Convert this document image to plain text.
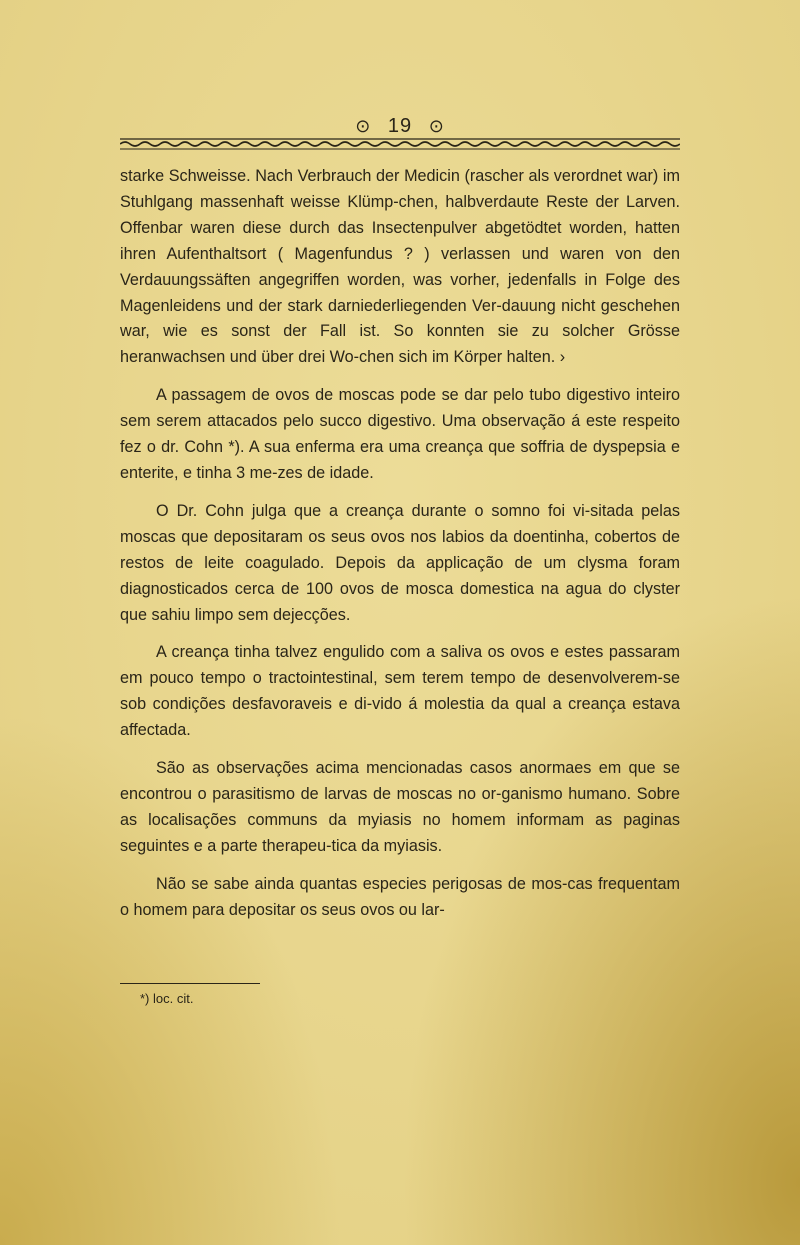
⊙ 19 ⊙

starke Schweisse. Nach Verbrauch der Medicin (rascher als verordnet war) im Stuhlgang massenhaft weisse Klümp-chen, halbverdaute Reste der Larven. Offenbar waren diese durch das Insectenpulver abgetödtet worden, hatten ihren Aufenthaltsort ( Magenfundus ? ) verlassen und waren von den Verdauungssäften angegriffen worden, was vorher, jedenfalls in Folge des Magenleidens und der stark darniederliegenden Ver-dauung nicht geschehen war, wie es sonst der Fall ist. So konnten sie zu solcher Grösse heranwachsen und über drei Wo-chen sich im Körper halten. ›

A passagem de ovos de moscas pode se dar pelo tubo digestivo inteiro sem serem attacados pelo succo digestivo. Uma observação á este respeito fez o dr. Cohn *). A sua enferma era uma creança que soffria de dyspepsia e enterite, e tinha 3 me-zes de idade.

O Dr. Cohn julga que a creança durante o somno foi vi-sitada pelas moscas que depositaram os seus ovos nos labios da doentinha, cobertos de restos de leite coagulado. Depois da applicação de um clysma foram diagnosticados cerca de 100 ovos de mosca domestica na agua do clyster que sahiu limpo sem dejecções.

A creança tinha talvez engulido com a saliva os ovos e estes passaram em pouco tempo o tractointestinal, sem terem tempo de desenvolverem-se sob condições desfavoraveis e di-vido á molestia da qual a creança estava affectada.

São as observações acima mencionadas casos anormaes em que se encontrou o parasitismo de larvas de moscas no or-ganismo humano. Sobre as localisações communs da myiasis no homem informam as paginas seguintes e a parte therapeu-tica da myiasis.

Não se sabe ainda quantas especies perigosas de mos-cas frequentam o homem para depositar os seus ovos ou lar-

*) loc. cit.
